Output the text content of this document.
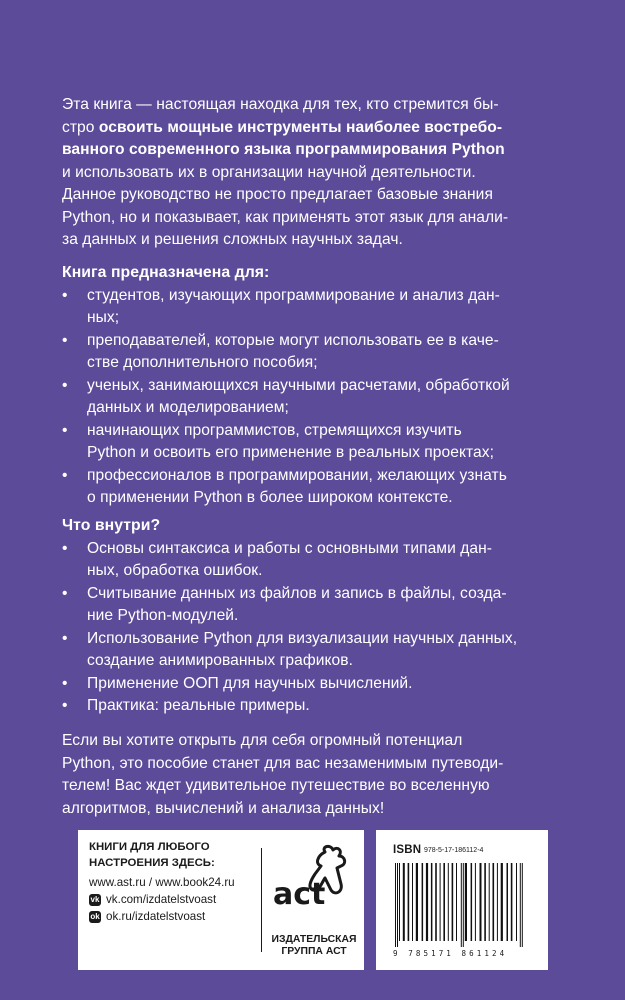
Эта книга — настоящая находка для тех, кто стремится бы-
стро освоить мощные инструменты наиболее востребо-
ванного современного языка программирования Python
и использовать их в организации научной деятельности.
Данное руководство не просто предлагает базовые знания
Python, но и показывает, как применять этот язык для анали-
за данных и решения сложных научных задач.
Книга предназначена для:
• студентов, изучающих программирование и анализ дан-
ных;
• преподавателей, которые могут использовать ее в каче-
стве дополнительного пособия;
• ученых, занимающихся научными расчетами, обработкой
данных и моделированием;
• начинающих программистов, стремящихся изучить
Python и освоить его применение в реальных проектах;
• профессионалов в программировании, желающих узнать
о применении Python в более широком контексте.
Что внутри?
• Основы синтаксиса и работы с основными типами дан-
ных, обработка ошибок.
• Считывание данных из файлов и запись в файлы, созда-
ние Python-модулей.
• Использование Python для визуализации научных данных,
создание анимированных графиков.
• Применение ООП для научных вычислений.
• Практика: реальные примеры.
Если вы хотите открыть для себя огромный потенциал
Python, это пособие станет для вас незаменимым путеводи-
телем! Вас ждет удивительное путешествие во вселенную
алгоритмов, вычислений и анализа данных!
КНИГИ ДЛЯ ЛЮБОГО
НАСТРОЕНИЯ ЗДЕСЬ:
www.ast.ru / www.book24.ru
vk vk.com/izdatelstvoast
ok ok.ru/izdatelstvoast
act
ИЗДАТЕЛЬСКАЯ
ГРУППА АСТ
ISBN 978-5-17-186112-4
9 785171 861124
